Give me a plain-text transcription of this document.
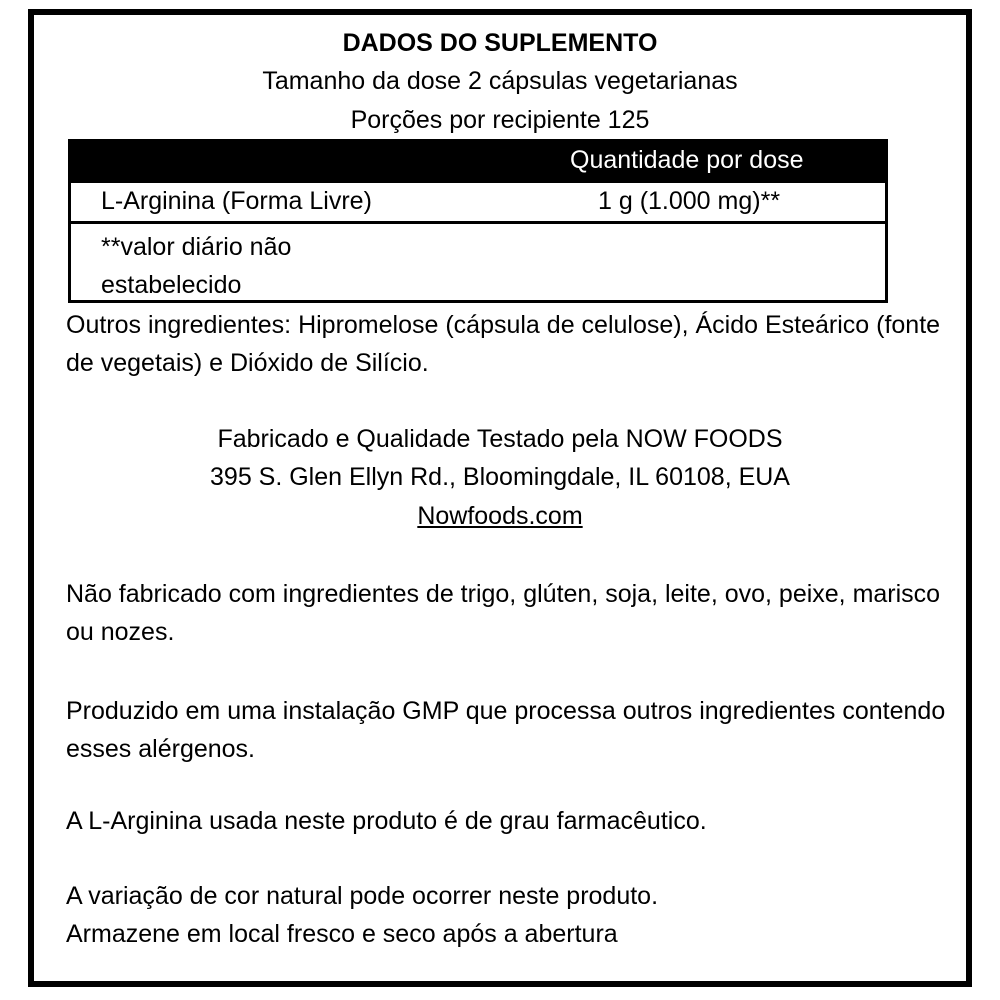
DADOS DO SUPLEMENTO
Tamanho da dose 2 cápsulas vegetarianas
Porções por recipiente 125
Quantidade por dose
L-Arginina (Forma Livre)	1 g (1.000 mg)**
**valor diário não estabelecido
Outros ingredientes: Hipromelose (cápsula de celulose), Ácido Esteárico (fonte de vegetais) e Dióxido de Silício.
Fabricado e Qualidade Testado pela NOW FOODS
395 S. Glen Ellyn Rd., Bloomingdale, IL 60108, EUA
Nowfoods.com
Não fabricado com ingredientes de trigo, glúten, soja, leite, ovo, peixe, marisco ou nozes.
Produzido em uma instalação GMP que processa outros ingredientes contendo esses alérgenos.
A L-Arginina usada neste produto é de grau farmacêutico.
A variação de cor natural pode ocorrer neste produto.
Armazene em local fresco e seco após a abertura
